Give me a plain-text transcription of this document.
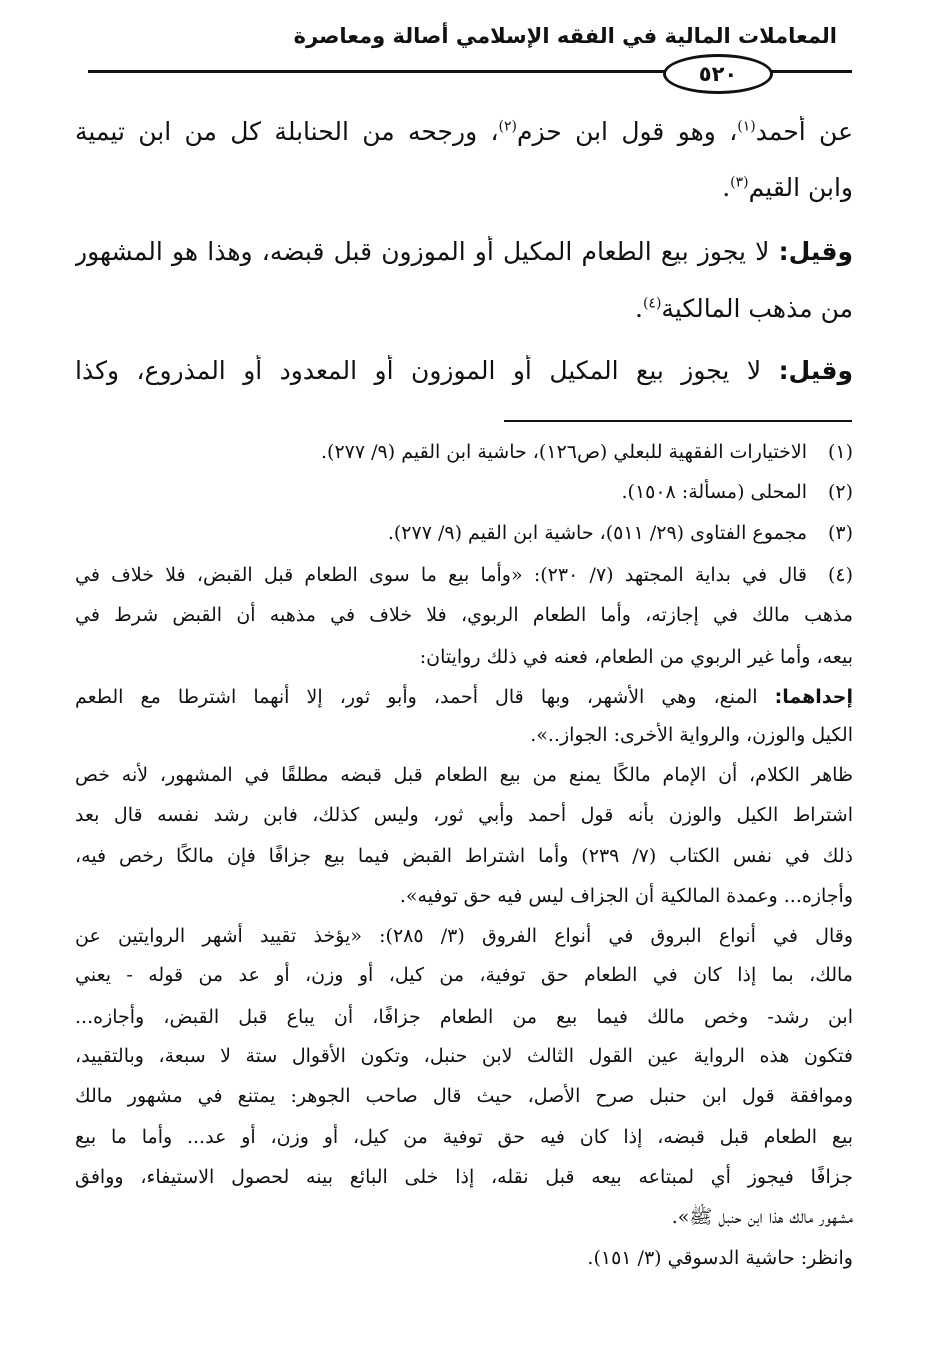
المعاملات المالية في الفقه الإسلامي أصالة ومعاصرة
٥٢٠
عن أحمد$^{(١)}$، وهو قول ابن حزم$^{(٢)}$، ورجحه من الحنابلة كل من ابن تيمية
وابن القيم$^{(٣)}$.
وقيل: لا يجوز بيع الطعام المكيل أو الموزون قبل قبضه، وهذا هو المشهور
من مذهب المالكية$^{(٤)}$.
وقيل: لا يجوز بيع المكيل أو الموزون أو المعدود أو المذروع، وكذا
(١)
الاختيارات الفقهية للبعلي (ص١٢٦)، حاشية ابن القيم (٩/ ٢٧٧).
(٢)
المحلى (مسألة: ١٥٠٨).
(٣)
مجموع الفتاوى (٢٩/ ٥١١)، حاشية ابن القيم (٩/ ٢٧٧).
(٤)
قال في بداية المجتهد (٧/ ٢٣٠): «وأما بيع ما سوى الطعام قبل القبض، فلا خلاف في
مذهب مالك في إجازته، وأما الطعام الربوي، فلا خلاف في مذهبه أن القبض شرط في
بيعه، وأما غير الربوي من الطعام، فعنه في ذلك روايتان:
إحداهما: المنع، وهي الأشهر، وبها قال أحمد، وأبو ثور، إلا أنهما اشترطا مع الطعم
الكيل والوزن، والرواية الأخرى: الجواز..».
ظاهر الكلام، أن الإمام مالكًا يمنع من بيع الطعام قبل قبضه مطلقًا في المشهور، لأنه خص
اشتراط الكيل والوزن بأنه قول أحمد وأبي ثور، وليس كذلك، فابن رشد نفسه قال بعد
ذلك في نفس الكتاب (٧/ ٢٣٩) وأما اشتراط القبض فيما بيع جزافًا فإن مالكًا رخص فيه،
وأجازه... وعمدة المالكية أن الجزاف ليس فيه حق توفيه».
وقال في أنواع البروق في أنواع الفروق (٣/ ٢٨٥): «يؤخذ تقييد أشهر الروايتين عن
مالك، بما إذا كان في الطعام حق توفية، من كيل، أو وزن، أو عد من قوله - يعني
ابن رشد- وخص مالك فيما بيع من الطعام جزافًا، أن يباع قبل القبض، وأجازه...
فتكون هذه الرواية عين القول الثالث لابن حنبل، وتكون الأقوال ستة لا سبعة، وبالتقييد،
وموافقة قول ابن حنبل صرح الأصل، حيث قال صاحب الجوهر: يمتنع في مشهور مالك
بيع الطعام قبل قبضه، إذا كان فيه حق توفية من كيل، أو وزن، أو عد... وأما ما بيع
جزافًا فيجوز أي لمبتاعه بيعه قبل نقله، إذا خلى البائع بينه لحصول الاستيفاء، ووافق
مشهور مالك هذا ابن حنبل ﷺ».
وانظر: حاشية الدسوقي (٣/ ١٥١).
